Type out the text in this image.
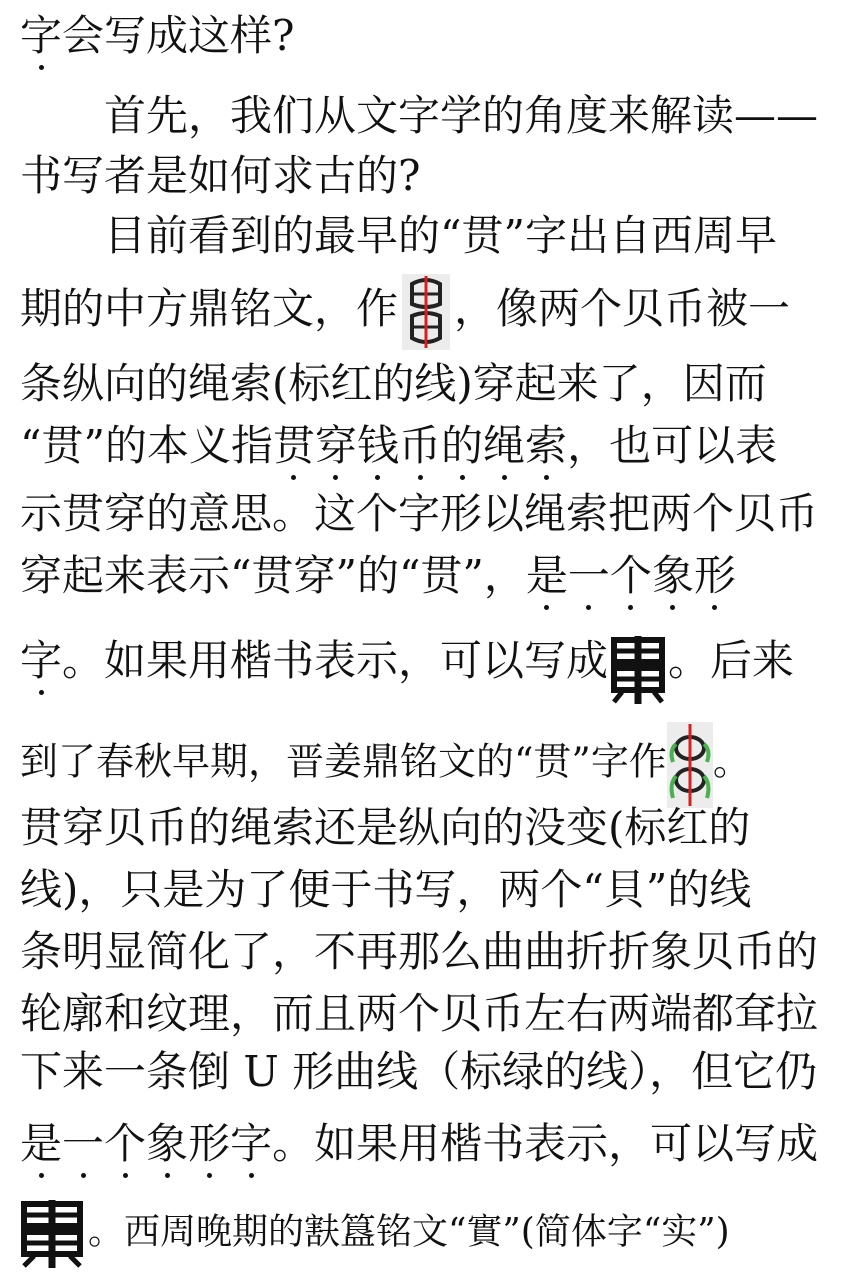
字会写成这样?
首先，我们从文字学的角度来解读——
书写者是如何求古的?
目前看到的最早的“贯”字出自西周早
期的中方鼎铭文，作 ，像两个贝币被一
条纵向的绳索(标红的线)穿起来了，因而
“贯”的本义指贯穿钱币的绳索，也可以表
示贯穿的意思。这个字形以绳索把两个贝币
穿起来表示“贯穿”的“贯”，是一个象形
字。如果用楷书表示，可以写成 。后来
到了春秋早期，晋姜鼎铭文的“贯”字作 。
贯穿贝币的绳索还是纵向的没变(标红的
线)，只是为了便于书写，两个“貝”的线
条明显简化了，不再那么曲曲折折象贝币的
轮廓和纹理，而且两个贝币左右两端都耷拉
下来一条倒 U 形曲线（标绿的线），但它仍
是一个象形字。如果用楷书表示，可以写成
。西周晚期的㝬簋铭文“實”(简体字“实”)
